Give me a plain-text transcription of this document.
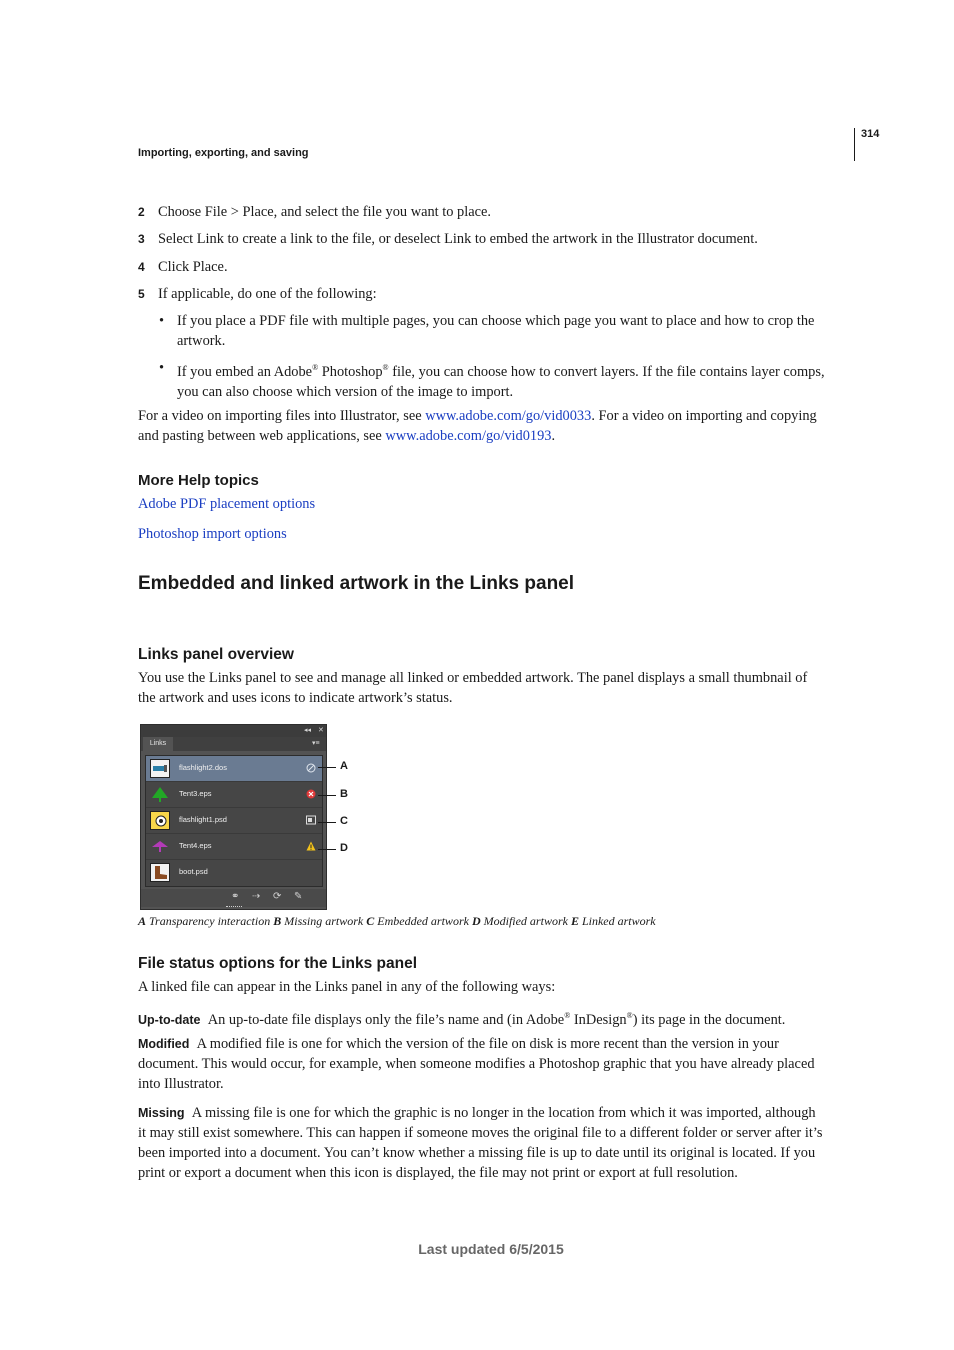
314
Importing, exporting, and saving
2 Choose File > Place, and select the file you want to place.
3 Select Link to create a link to the file, or deselect Link to embed the artwork in the Illustrator document.
4 Click Place.
5 If applicable, do one of the following:
• If you place a PDF file with multiple pages, you can choose which page you want to place and how to crop the
artwork.
• If you embed an Adobe® Photoshop® file, you can choose how to convert layers. If the file contains layer comps,
you can also choose which version of the image to import.
For a video on importing files into Illustrator, see www.adobe.com/go/vid0033. For a video on importing and copying
and pasting between web applications, see www.adobe.com/go/vid0193.
More Help topics
Adobe PDF placement options
Photoshop import options
Embedded and linked artwork in the Links panel
Links panel overview
You use the Links panel to see and manage all linked or embedded artwork. The panel displays a small thumbnail of
the artwork and uses icons to indicate artwork’s status.
◂◂ ✕
Links	▾≡
flashlight2.dos
Tent3.eps
flashlight1.psd
Tent4.eps
boot.psd
⚭ ⇢ ⟳ ✎
A
B
C
D
A Transparency interaction B Missing artwork C Embedded artwork D Modified artwork E Linked artwork
File status options for the Links panel
A linked file can appear in the Links panel in any of the following ways:
Up-to-date An up-to-date file displays only the file’s name and (in Adobe® InDesign®) its page in the document.
Modified A modified file is one for which the version of the file on disk is more recent than the version in your
document. This would occur, for example, when someone modifies a Photoshop graphic that you have already placed
into Illustrator.
Missing A missing file is one for which the graphic is no longer in the location from which it was imported, although
it may still exist somewhere. This can happen if someone moves the original file to a different folder or server after it’s
been imported into a document. You can’t know whether a missing file is up to date until its original is located. If you
print or export a document when this icon is displayed, the file may not print or export at full resolution.
Last updated 6/5/2015
